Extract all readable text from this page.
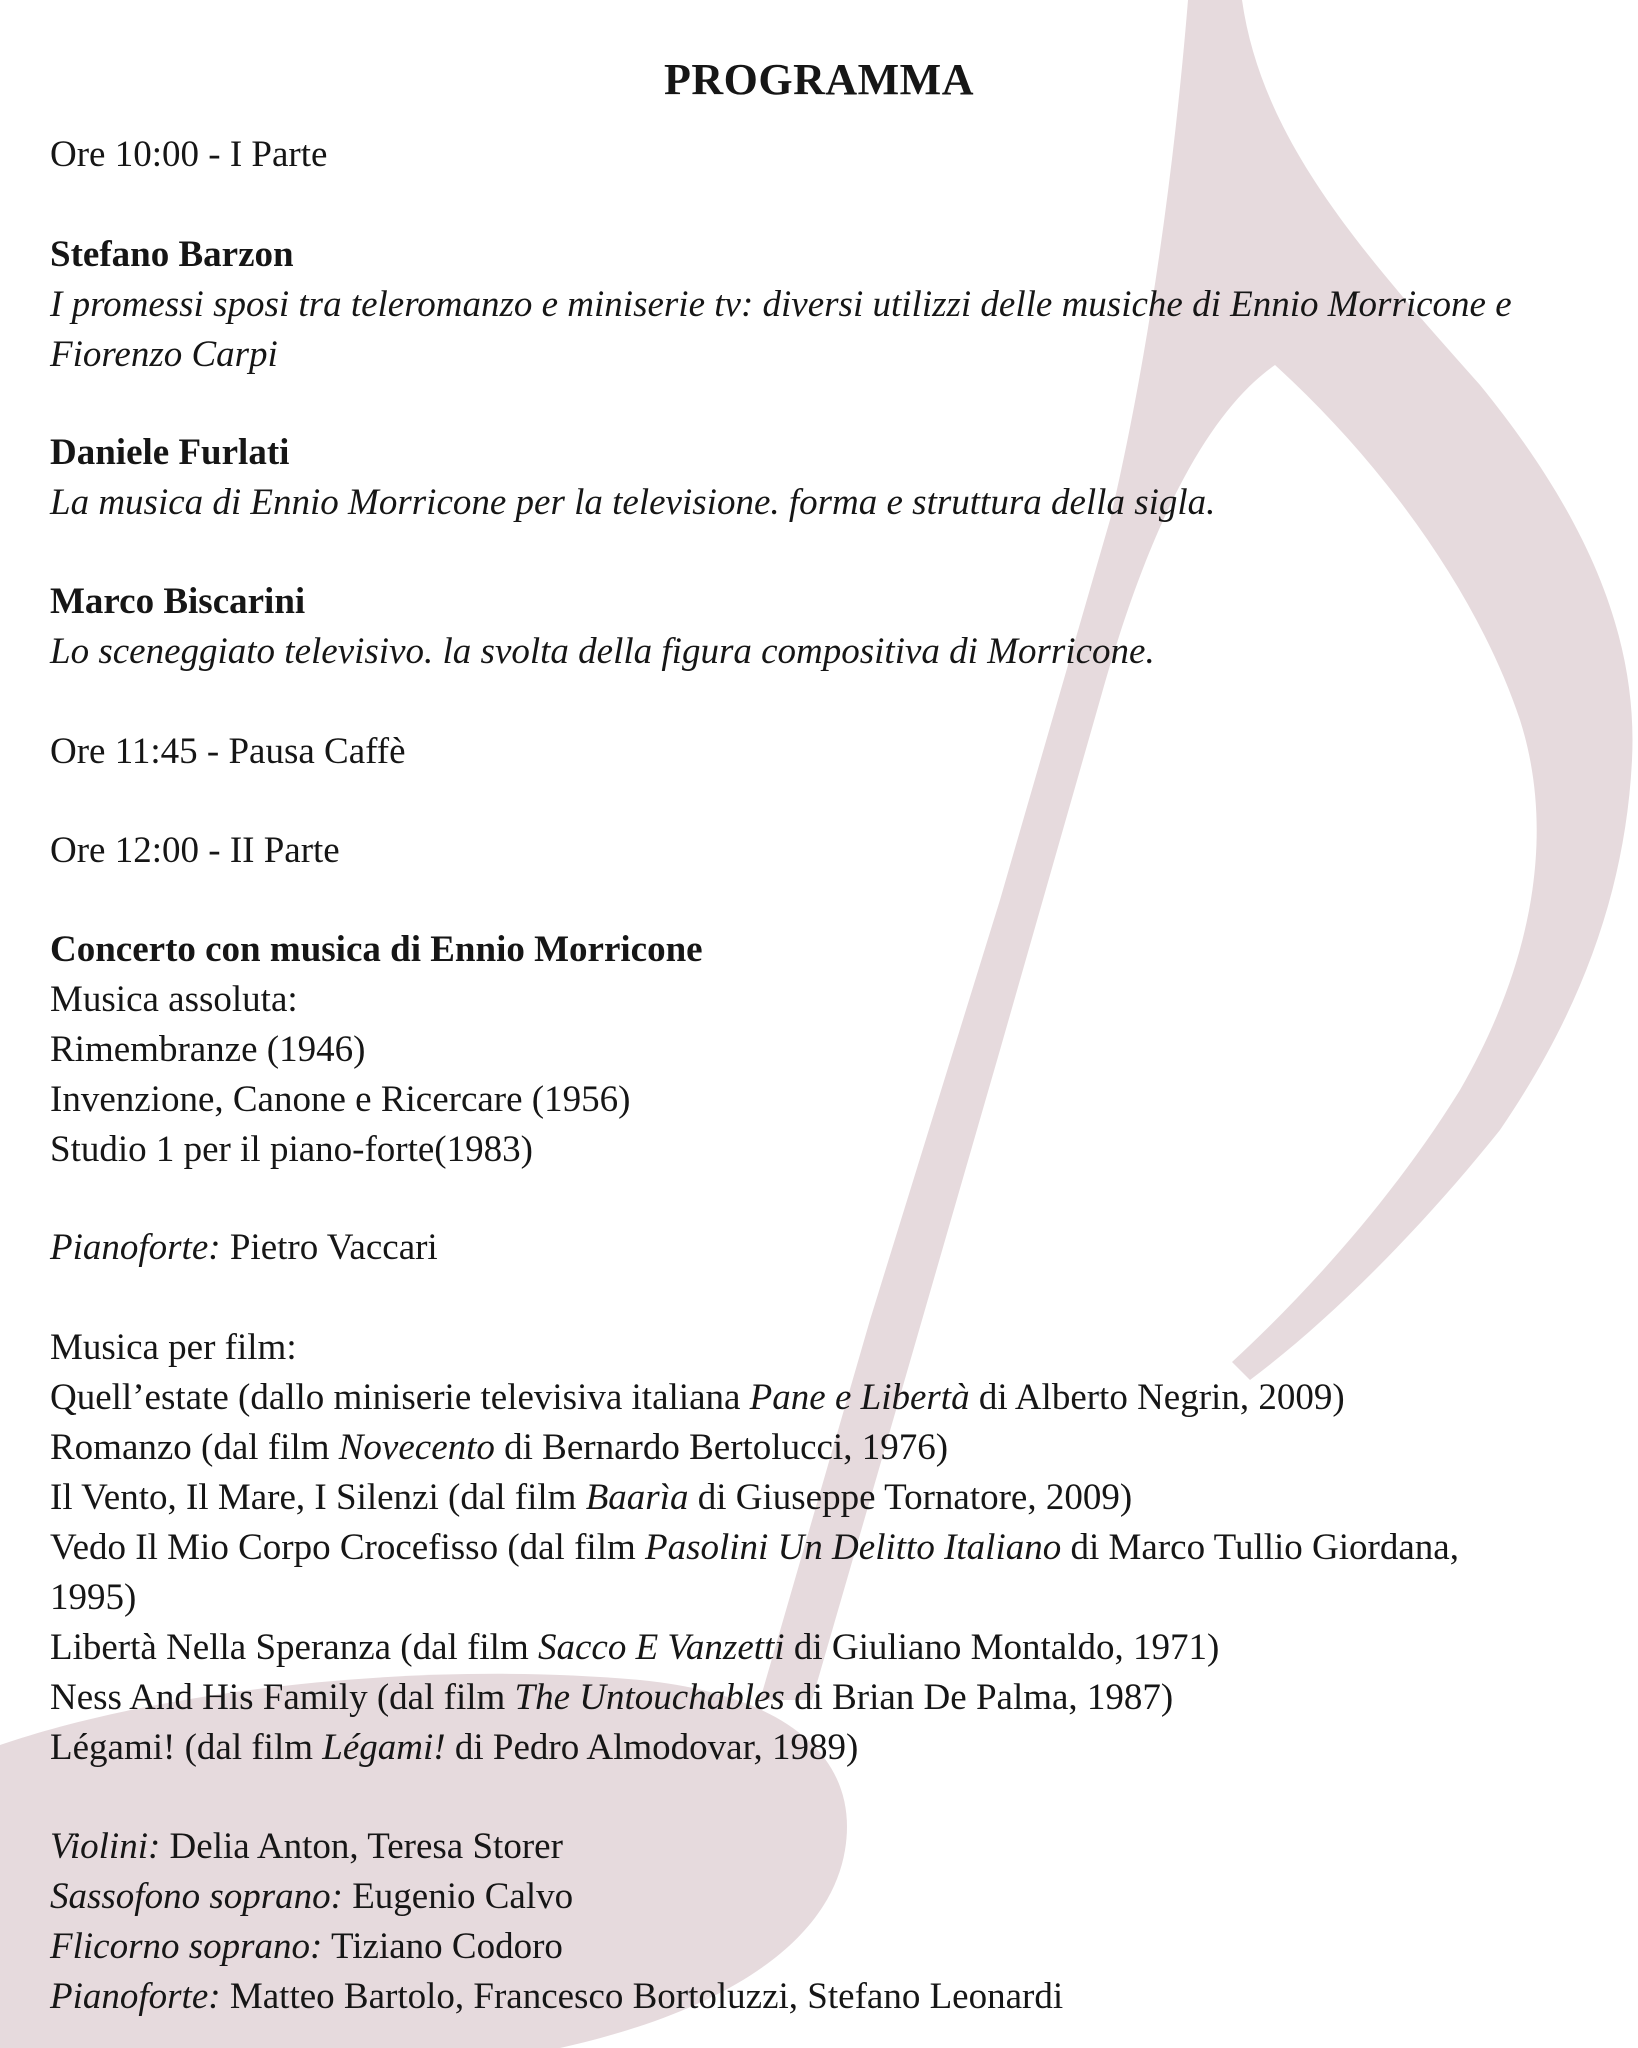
PROGRAMMA

Ore 10:00 - I Parte

Stefano Barzon

I promessi sposi tra teleromanzo e miniserie tv: diversi utilizzi delle musiche di Ennio Morricone e

Fiorenzo Carpi

Daniele Furlati

La musica di Ennio Morricone per la televisione. forma e struttura della sigla.

Marco Biscarini

Lo sceneggiato televisivo. la svolta della figura compositiva di Morricone.

Ore 11:45 - Pausa Caffè

Ore 12:00 - II Parte

Concerto con musica di Ennio Morricone

Musica assoluta:

Rimembranze (1946)

Invenzione, Canone e Ricercare (1956)

Studio 1 per il piano-forte(1983)

Pianoforte: Pietro Vaccari

Musica per film:

Quell’estate (dallo miniserie televisiva italiana Pane e Libertà di Alberto Negrin, 2009)

Romanzo (dal film Novecento di Bernardo Bertolucci, 1976)

Il Vento, Il Mare, I Silenzi (dal film Baarìa di Giuseppe Tornatore, 2009)

Vedo Il Mio Corpo Crocefisso (dal film Pasolini Un Delitto Italiano di Marco Tullio Giordana,

1995)

Libertà Nella Speranza (dal film Sacco E Vanzetti di Giuliano Montaldo, 1971)

Ness And His Family (dal film The Untouchables di Brian De Palma, 1987)

Légami! (dal film Légami! di Pedro Almodovar, 1989)

Violini: Delia Anton, Teresa Storer

Sassofono soprano: Eugenio Calvo

Flicorno soprano: Tiziano Codoro

Pianoforte: Matteo Bartolo, Francesco Bortoluzzi, Stefano Leonardi
